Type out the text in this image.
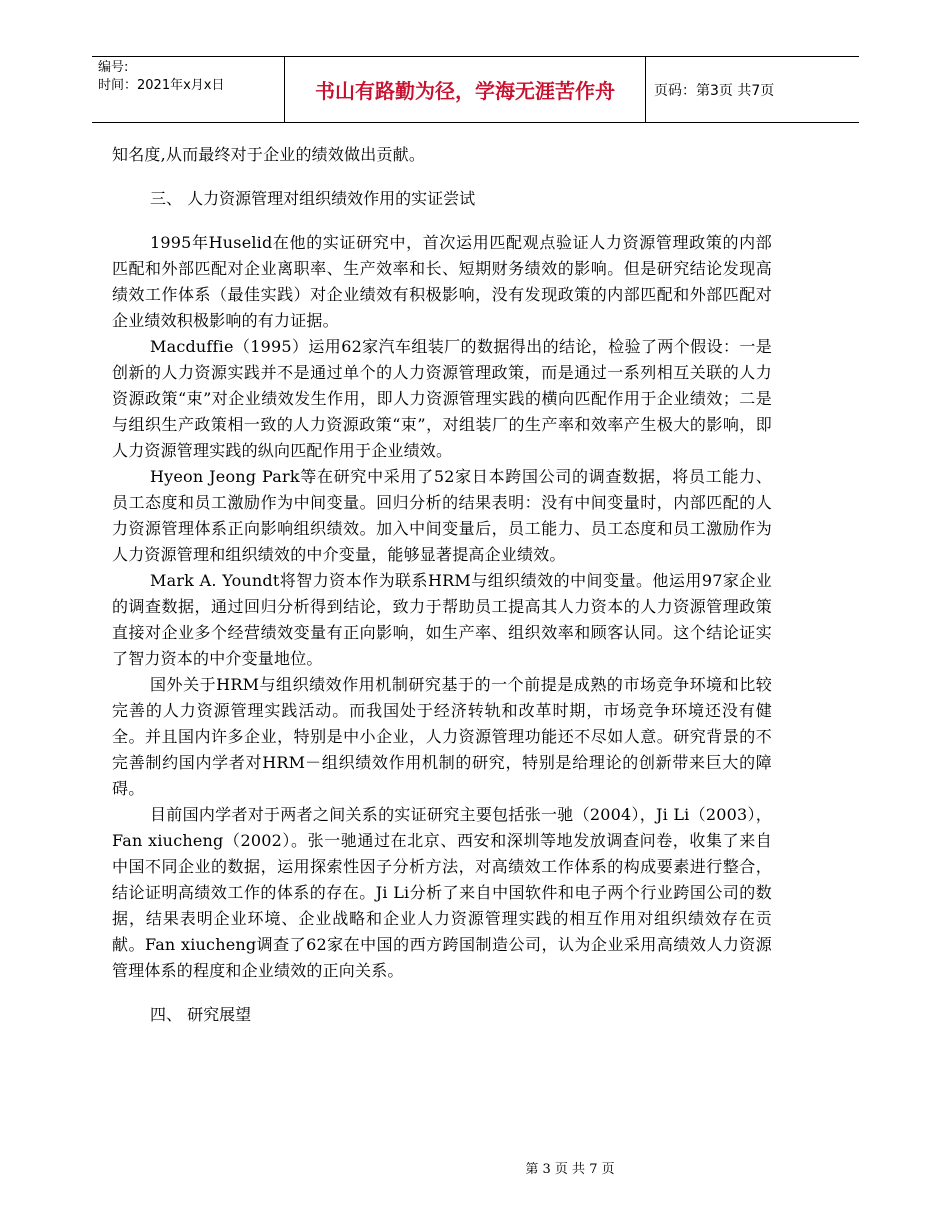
编号:
时间：2021年x月x日	书山有路勤为径，学海无涯苦作舟	页码：第3页 共7页

知名度,从而最终对于企业的绩效做出贡献。

三、 人力资源管理对组织绩效作用的实证尝试

1995年Huselid在他的实证研究中，首次运用匹配观点验证人力资源管理政策的内部匹配和外部匹配对企业离职率、生产效率和长、短期财务绩效的影响。但是研究结论发现高绩效工作体系（最佳实践）对企业绩效有积极影响，没有发现政策的内部匹配和外部匹配对企业绩效积极影响的有力证据。

Macduffie（1995）运用62家汽车组装厂的数据得出的结论，检验了两个假设：一是创新的人力资源实践并不是通过单个的人力资源管理政策，而是通过一系列相互关联的人力资源政策“束”对企业绩效发生作用，即人力资源管理实践的横向匹配作用于企业绩效；二是与组织生产政策相一致的人力资源政策“束”，对组装厂的生产率和效率产生极大的影响，即人力资源管理实践的纵向匹配作用于企业绩效。

Hyeon Jeong Park等在研究中采用了52家日本跨国公司的调查数据，将员工能力、员工态度和员工激励作为中间变量。回归分析的结果表明：没有中间变量时，内部匹配的人力资源管理体系正向影响组织绩效。加入中间变量后，员工能力、员工态度和员工激励作为人力资源管理和组织绩效的中介变量，能够显著提高企业绩效。

Mark A. Youndt将智力资本作为联系HRM与组织绩效的中间变量。他运用97家企业的调查数据，通过回归分析得到结论，致力于帮助员工提高其人力资本的人力资源管理政策直接对企业多个经营绩效变量有正向影响，如生产率、组织效率和顾客认同。这个结论证实了智力资本的中介变量地位。

国外关于HRM与组织绩效作用机制研究基于的一个前提是成熟的市场竞争环境和比较完善的人力资源管理实践活动。而我国处于经济转轨和改革时期，市场竞争环境还没有健全。并且国内许多企业，特别是中小企业，人力资源管理功能还不尽如人意。研究背景的不完善制约国内学者对HRM－组织绩效作用机制的研究，特别是给理论的创新带来巨大的障碍。

目前国内学者对于两者之间关系的实证研究主要包括张一驰（2004），Ji Li（2003），Fan xiucheng（2002）。张一驰通过在北京、西安和深圳等地发放调查问卷，收集了来自中国不同企业的数据，运用探索性因子分析方法，对高绩效工作体系的构成要素进行整合，结论证明高绩效工作的体系的存在。Ji Li分析了来自中国软件和电子两个行业跨国公司的数据，结果表明企业环境、企业战略和企业人力资源管理实践的相互作用对组织绩效存在贡献。Fan xiucheng调查了62家在中国的西方跨国制造公司，认为企业采用高绩效人力资源管理体系的程度和企业绩效的正向关系。

四、 研究展望

第 3 页 共 7 页
